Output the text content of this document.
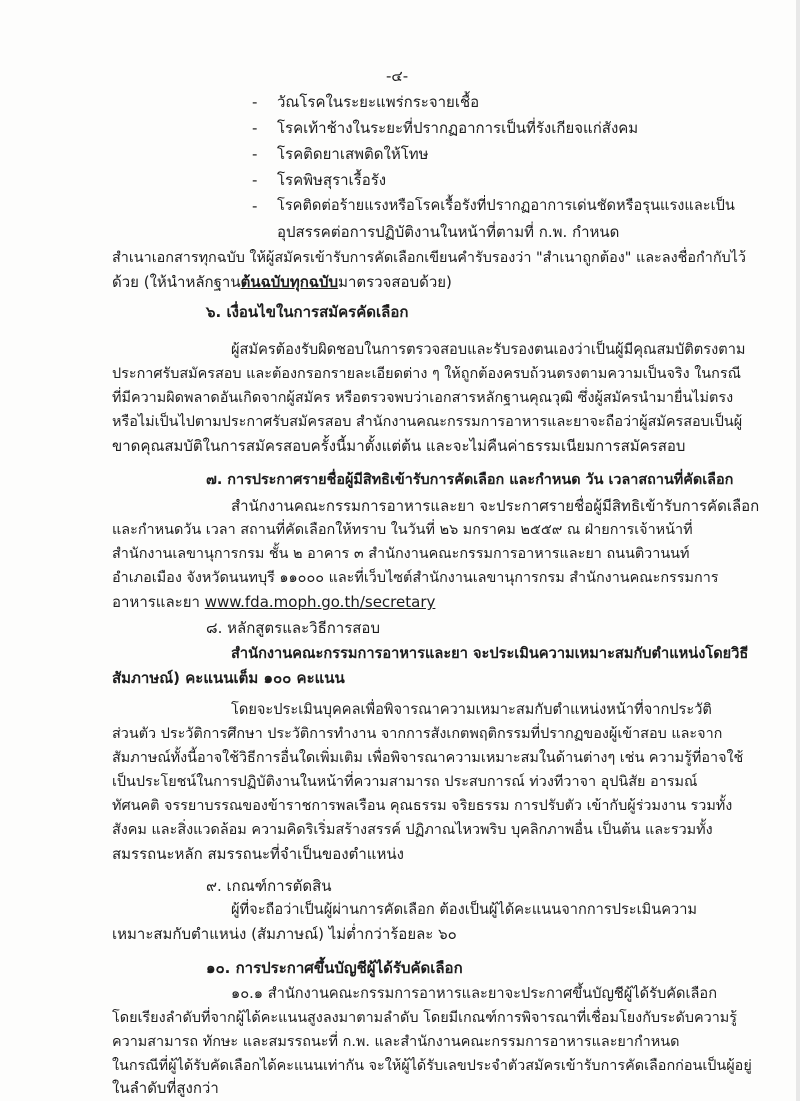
-๔-
- วัณโรคในระยะแพร่กระจายเชื้อ
- โรคเท้าช้างในระยะที่ปรากฏอาการเป็นที่รังเกียจแก่สังคม
- โรคติดยาเสพติดให้โทษ
- โรคพิษสุราเรื้อรัง
- โรคติดต่อร้ายแรงหรือโรคเรื้อรังที่ปรากฏอาการเด่นชัดหรือรุนแรงและเป็น
อุปสรรคต่อการปฏิบัติงานในหน้าที่ตามที่ ก.พ. กำหนด
สำเนาเอกสารทุกฉบับ ให้ผู้สมัครเข้ารับการคัดเลือกเขียนคำรับรองว่า "สำเนาถูกต้อง" และลงชื่อกำกับไว้
ด้วย (ให้นำหลักฐานต้นฉบับทุกฉบับมาตรวจสอบด้วย)
๖. เงื่อนไขในการสมัครคัดเลือก
ผู้สมัครต้องรับผิดชอบในการตรวจสอบและรับรองตนเองว่าเป็นผู้มีคุณสมบัติตรงตาม
ประกาศรับสมัครสอบ และต้องกรอกรายละเอียดต่าง ๆ ให้ถูกต้องครบถ้วนตรงตามความเป็นจริง ในกรณี
ที่มีความผิดพลาดอันเกิดจากผู้สมัคร หรือตรวจพบว่าเอกสารหลักฐานคุณวุฒิ ซึ่งผู้สมัครนำมายื่นไม่ตรง
หรือไม่เป็นไปตามประกาศรับสมัครสอบ สำนักงานคณะกรรมการอาหารและยาจะถือว่าผู้สมัครสอบเป็นผู้
ขาดคุณสมบัติในการสมัครสอบครั้งนี้มาตั้งแต่ต้น และจะไม่คืนค่าธรรมเนียมการสมัครสอบ
๗. การประกาศรายชื่อผู้มีสิทธิเข้ารับการคัดเลือก และกำหนด วัน เวลาสถานที่คัดเลือก
สำนักงานคณะกรรมการอาหารและยา จะประกาศรายชื่อผู้มีสิทธิเข้ารับการคัดเลือก
และกำหนดวัน เวลา สถานที่คัดเลือกให้ทราบ ในวันที่ ๒๖ มกราคม ๒๕๕๙ ณ ฝ่ายการเจ้าหน้าที่
สำนักงานเลขานุการกรม ชั้น ๒ อาคาร ๓ สำนักงานคณะกรรมการอาหารและยา ถนนติวานนท์
อำเภอเมือง จังหวัดนนทบุรี ๑๑๐๐๐ และที่เว็บไซต์สำนักงานเลขานุการกรม สำนักงานคณะกรรมการ
อาหารและยา www.fda.moph.go.th/secretary
๘. หลักสูตรและวิธีการสอบ
สำนักงานคณะกรรมการอาหารและยา จะประเมินความเหมาะสมกับตำแหน่งโดยวิธี
สัมภาษณ์) คะแนนเต็ม ๑๐๐ คะแนน
โดยจะประเมินบุคคลเพื่อพิจารณาความเหมาะสมกับตำแหน่งหน้าที่จากประวัติ
ส่วนตัว ประวัติการศึกษา ประวัติการทำงาน จากการสังเกตพฤติกรรมที่ปรากฏของผู้เข้าสอบ และจาก
สัมภาษณ์ทั้งนี้อาจใช้วิธีการอื่นใดเพิ่มเติม เพื่อพิจารณาความเหมาะสมในด้านต่างๆ เช่น ความรู้ที่อาจใช้
เป็นประโยชน์ในการปฏิบัติงานในหน้าที่ความสามารถ ประสบการณ์ ท่วงทีวาจา อุปนิสัย อารมณ์
ทัศนคติ จรรยาบรรณของข้าราชการพลเรือน คุณธรรม จริยธรรม การปรับตัว เข้ากับผู้ร่วมงาน รวมทั้ง
สังคม และสิ่งแวดล้อม ความคิดริเริ่มสร้างสรรค์ ปฏิภาณไหวพริบ บุคลิกภาพอื่น เป็นต้น และรวมทั้ง
สมรรถนะหลัก สมรรถนะที่จำเป็นของตำแหน่ง
๙. เกณฑ์การตัดสิน
ผู้ที่จะถือว่าเป็นผู้ผ่านการคัดเลือก ต้องเป็นผู้ได้คะแนนจากการประเมินความ
เหมาะสมกับตำแหน่ง (สัมภาษณ์) ไม่ต่ำกว่าร้อยละ ๖๐
๑๐. การประกาศขึ้นบัญชีผู้ได้รับคัดเลือก
๑๐.๑ สำนักงานคณะกรรมการอาหารและยาจะประกาศขึ้นบัญชีผู้ได้รับคัดเลือก
โดยเรียงลำดับที่จากผู้ได้คะแนนสูงลงมาตามลำดับ โดยมีเกณฑ์การพิจารณาที่เชื่อมโยงกับระดับความรู้
ความสามารถ ทักษะ และสมรรถนะที่ ก.พ. และสำนักงานคณะกรรมการอาหารและยากำหนด
ในกรณีที่ผู้ได้รับคัดเลือกได้คะแนนเท่ากัน จะให้ผู้ได้รับเลขประจำตัวสมัครเข้ารับการคัดเลือกก่อนเป็นผู้อยู่
ในลำดับที่สูงกว่า
